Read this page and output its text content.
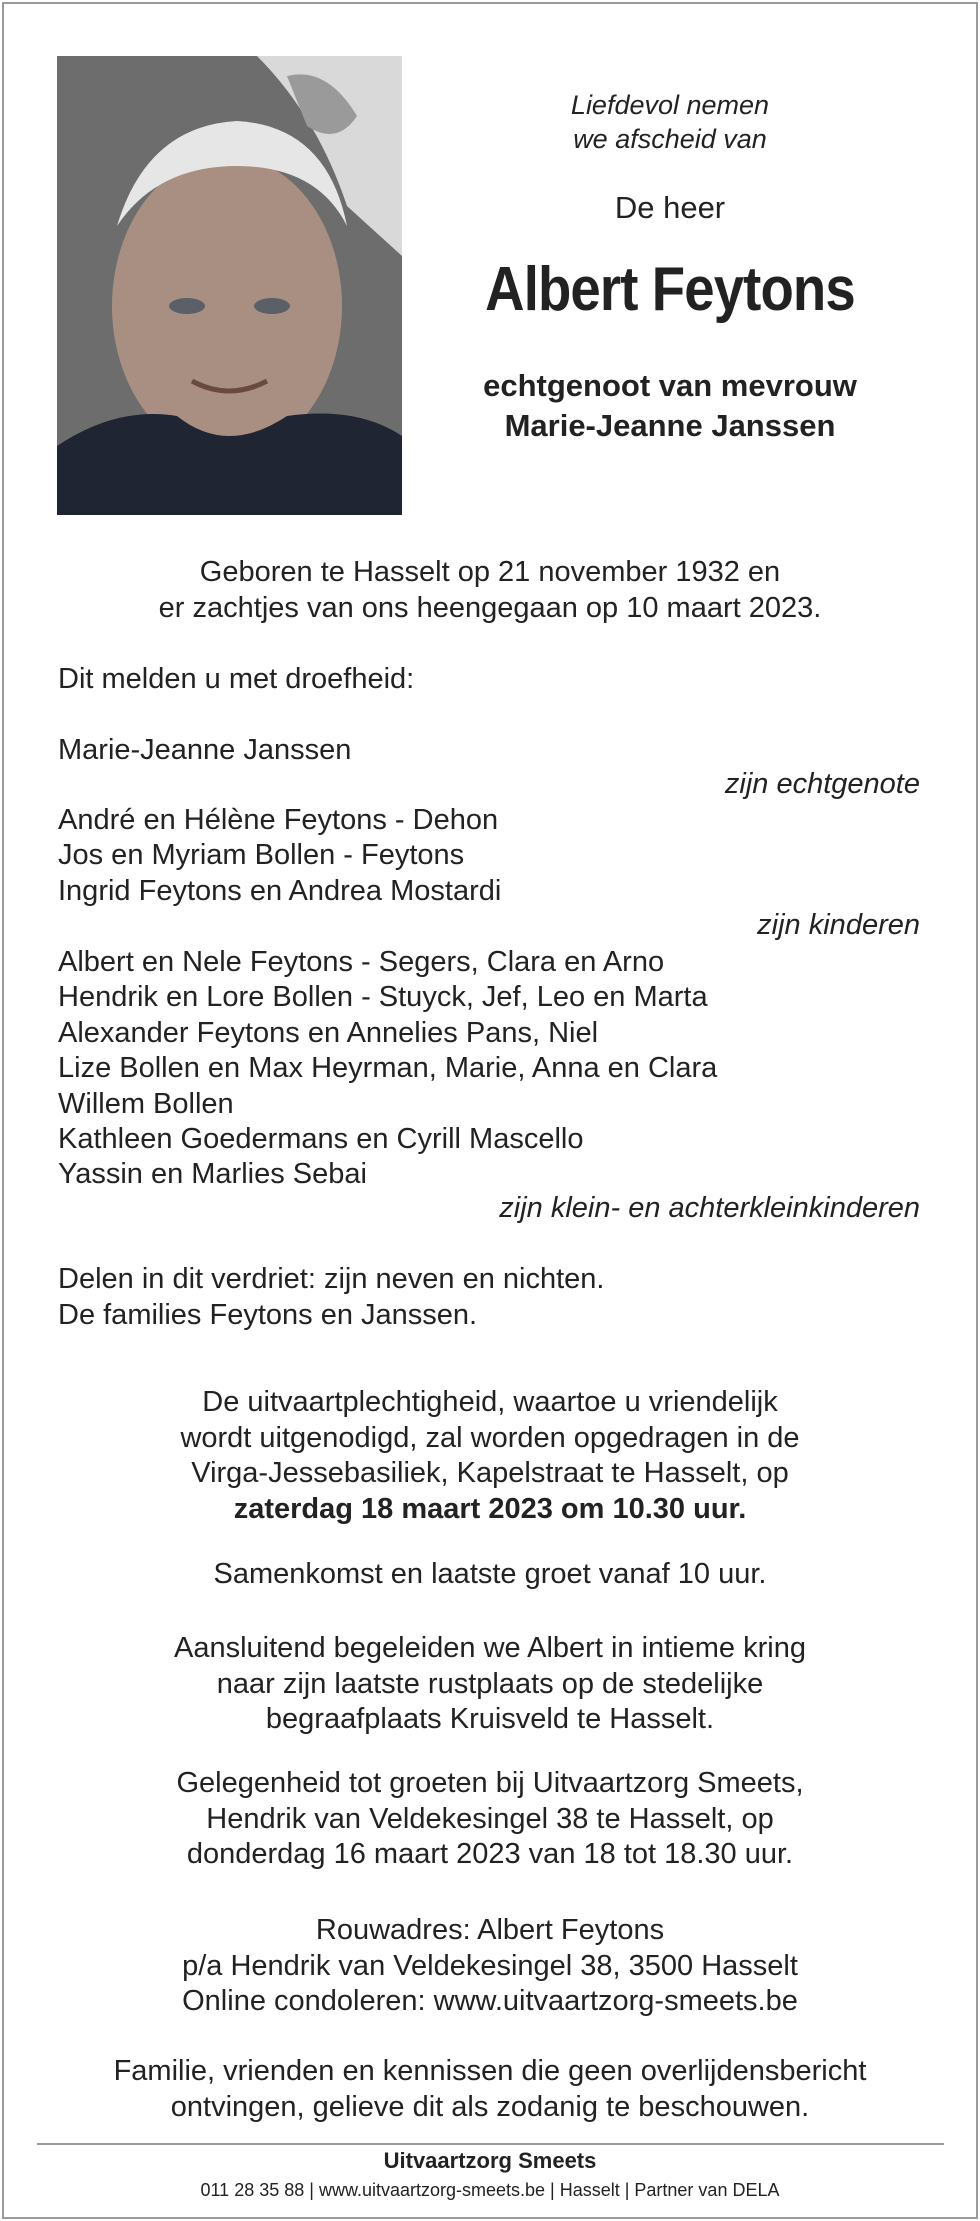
Liefdevol nemen
we afscheid van
De heer
Albert Feytons
echtgenoot van mevrouw
Marie-Jeanne Janssen
Geboren te Hasselt op 21 november 1932 en
er zachtjes van ons heengegaan op 10 maart 2023.
Dit melden u met droefheid:
Marie-Jeanne Janssen
zijn echtgenote
André en Hélène Feytons - Dehon
Jos en Myriam Bollen - Feytons
Ingrid Feytons en Andrea Mostardi
zijn kinderen
Albert en Nele Feytons - Segers, Clara en Arno
Hendrik en Lore Bollen - Stuyck, Jef, Leo en Marta
Alexander Feytons en Annelies Pans, Niel
Lize Bollen en Max Heyrman, Marie, Anna en Clara
Willem Bollen
Kathleen Goedermans en Cyrill Mascello
Yassin en Marlies Sebai
zijn klein- en achterkleinkinderen
Delen in dit verdriet: zijn neven en nichten.
De families Feytons en Janssen.
De uitvaartplechtigheid, waartoe u vriendelijk
wordt uitgenodigd, zal worden opgedragen in de
Virga-Jessebasiliek, Kapelstraat te Hasselt, op
zaterdag 18 maart 2023 om 10.30 uur.
Samenkomst en laatste groet vanaf 10 uur.
Aansluitend begeleiden we Albert in intieme kring
naar zijn laatste rustplaats op de stedelijke
begraafplaats Kruisveld te Hasselt.
Gelegenheid tot groeten bij Uitvaartzorg Smeets,
Hendrik van Veldekesingel 38 te Hasselt, op
donderdag 16 maart 2023 van 18 tot 18.30 uur.
Rouwadres: Albert Feytons
p/a Hendrik van Veldekesingel 38, 3500 Hasselt
Online condoleren: www.uitvaartzorg-smeets.be
Familie, vrienden en kennissen die geen overlijdensbericht
ontvingen, gelieve dit als zodanig te beschouwen.
Uitvaartzorg Smeets
011 28 35 88 | www.uitvaartzorg-smeets.be | Hasselt | Partner van DELA
